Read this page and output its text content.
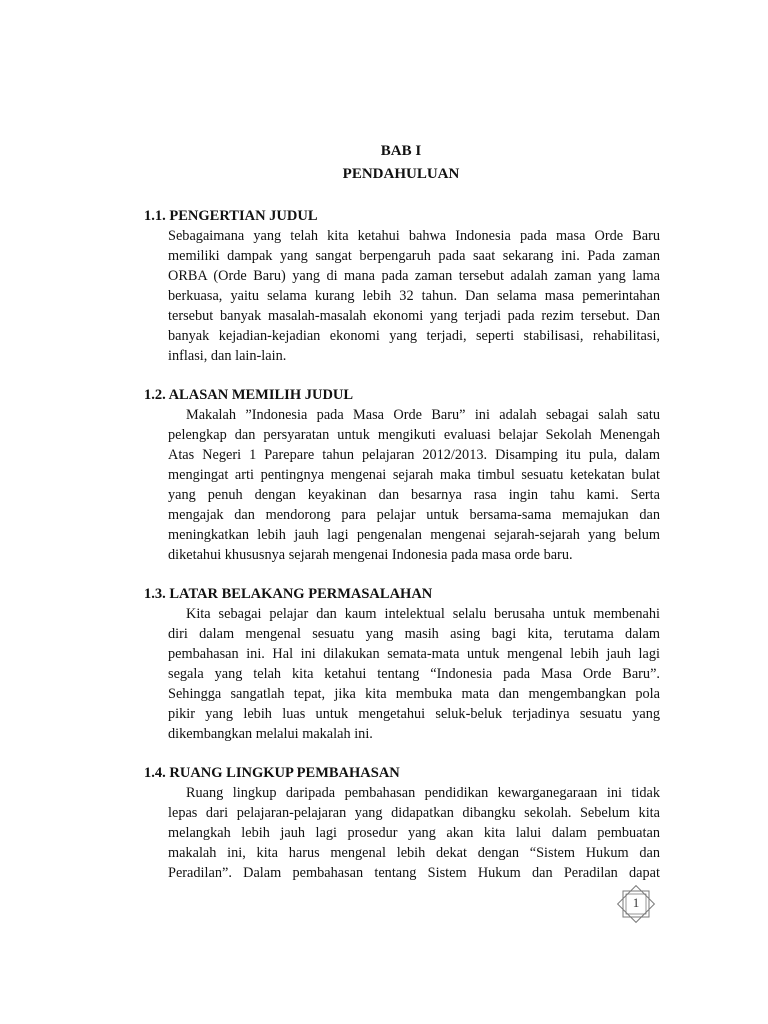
BAB I
PENDAHULUAN
1.1. PENGERTIAN JUDUL
Sebagaimana yang telah kita ketahui bahwa Indonesia pada masa Orde Baru
memiliki dampak yang sangat berpengaruh pada saat sekarang ini. Pada zaman
ORBA (Orde Baru) yang di mana pada zaman tersebut adalah zaman yang lama
berkuasa, yaitu selama kurang lebih 32 tahun. Dan selama masa pemerintahan
tersebut banyak masalah-masalah ekonomi yang terjadi pada rezim tersebut. Dan
banyak kejadian-kejadian ekonomi yang terjadi, seperti stabilisasi, rehabilitasi,
inflasi, dan lain-lain.
1.2. ALASAN MEMILIH JUDUL
Makalah ”Indonesia pada Masa Orde Baru” ini adalah sebagai salah satu
pelengkap dan persyaratan untuk mengikuti evaluasi belajar Sekolah Menengah
Atas Negeri 1 Parepare tahun pelajaran 2012/2013. Disamping itu pula, dalam
mengingat arti pentingnya mengenai sejarah maka timbul sesuatu ketekatan bulat
yang penuh dengan keyakinan dan besarnya rasa ingin tahu kami. Serta
mengajak dan mendorong para pelajar untuk bersama-sama memajukan dan
meningkatkan lebih jauh lagi pengenalan mengenai sejarah-sejarah yang belum
diketahui khususnya sejarah mengenai Indonesia pada masa orde baru.
1.3. LATAR BELAKANG PERMASALAHAN
Kita sebagai pelajar dan kaum intelektual selalu berusaha untuk membenahi
diri dalam mengenal sesuatu yang masih asing bagi kita, terutama dalam
pembahasan ini. Hal ini dilakukan semata-mata untuk mengenal lebih jauh lagi
segala yang telah kita ketahui tentang “Indonesia pada Masa Orde Baru”.
Sehingga sangatlah tepat, jika kita membuka mata dan mengembangkan pola
pikir yang lebih luas untuk mengetahui seluk-beluk terjadinya sesuatu yang
dikembangkan melalui makalah ini.
1.4. RUANG LINGKUP PEMBAHASAN
Ruang lingkup daripada pembahasan pendidikan kewarganegaraan ini tidak
lepas dari pelajaran-pelajaran yang didapatkan dibangku sekolah. Sebelum kita
melangkah lebih jauh lagi prosedur yang akan kita lalui dalam pembuatan
makalah ini, kita harus mengenal lebih dekat dengan “Sistem Hukum dan
Peradilan”. Dalam pembahasan tentang Sistem Hukum dan Peradilan dapat
1
